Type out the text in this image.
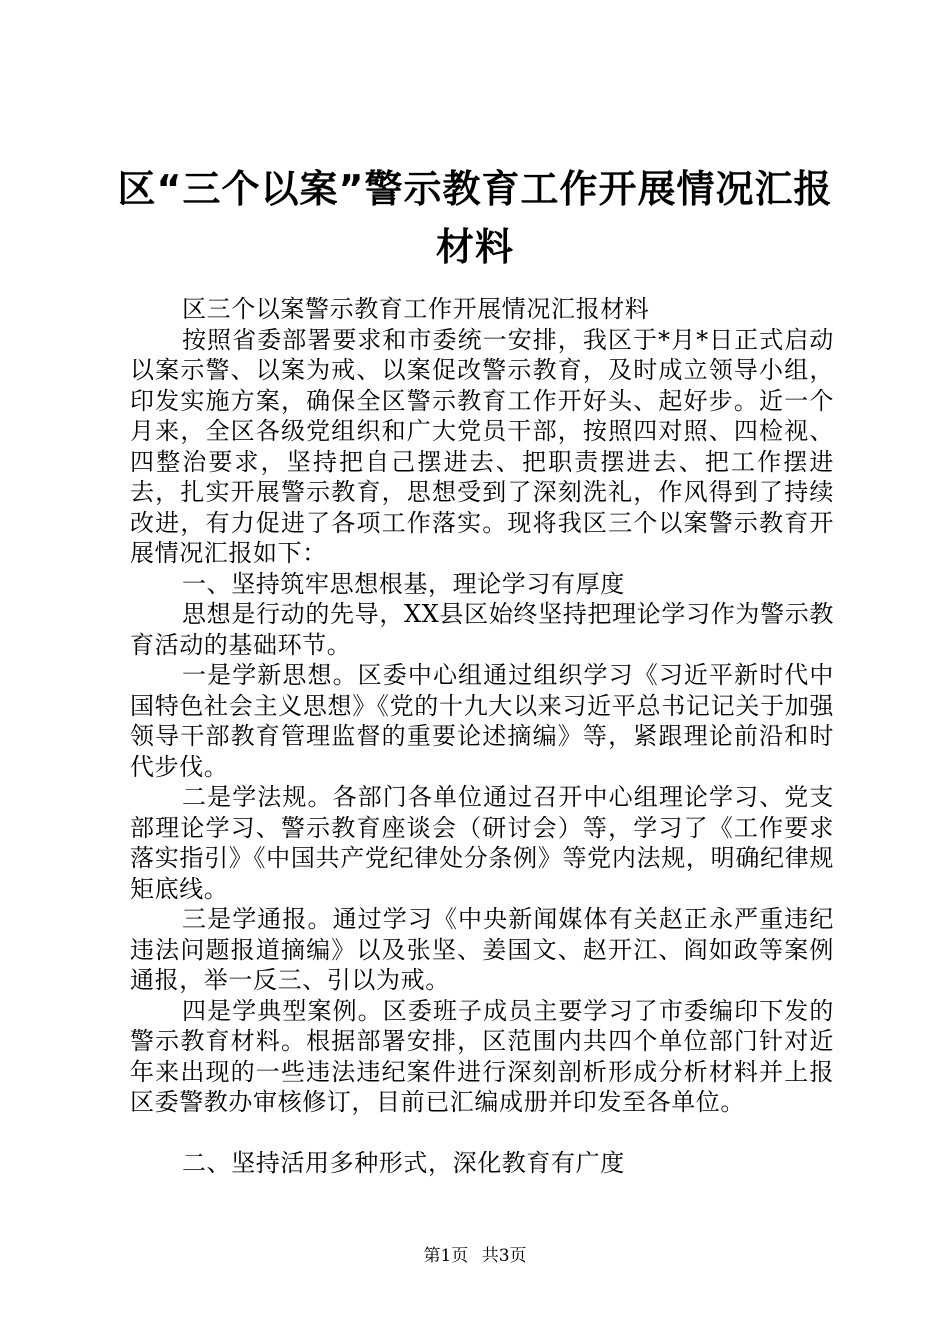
区“三个以案”警示教育工作开展情况汇报材料

区三个以案警示教育工作开展情况汇报材料

按照省委部署要求和市委统一安排，我区于*月*日正式启动以案示警、以案为戒、以案促改警示教育，及时成立领导小组，印发实施方案，确保全区警示教育工作开好头、起好步。近一个月来，全区各级党组织和广大党员干部，按照四对照、四检视、四整治要求，坚持把自己摆进去、把职责摆进去、把工作摆进去，扎实开展警示教育，思想受到了深刻洗礼，作风得到了持续改进，有力促进了各项工作落实。现将我区三个以案警示教育开展情况汇报如下：

一、坚持筑牢思想根基，理论学习有厚度

思想是行动的先导，XX县区始终坚持把理论学习作为警示教育活动的基础环节。

一是学新思想。区委中心组通过组织学习《习近平新时代中国特色社会主义思想》《党的十九大以来习近平总书记记关于加强领导干部教育管理监督的重要论述摘编》等，紧跟理论前沿和时代步伐。

二是学法规。各部门各单位通过召开中心组理论学习、党支部理论学习、警示教育座谈会（研讨会）等，学习了《工作要求落实指引》《中国共产党纪律处分条例》等党内法规，明确纪律规矩底线。

三是学通报。通过学习《中央新闻媒体有关赵正永严重违纪违法问题报道摘编》以及张坚、姜国文、赵开江、阎如政等案例通报，举一反三、引以为戒。

四是学典型案例。区委班子成员主要学习了市委编印下发的警示教育材料。根据部署安排，区范围内共四个单位部门针对近年来出现的一些违法违纪案件进行深刻剖析形成分析材料并上报区委警教办审核修订，目前已汇编成册并印发至各单位。

二、坚持活用多种形式，深化教育有广度

第1页 共3页
